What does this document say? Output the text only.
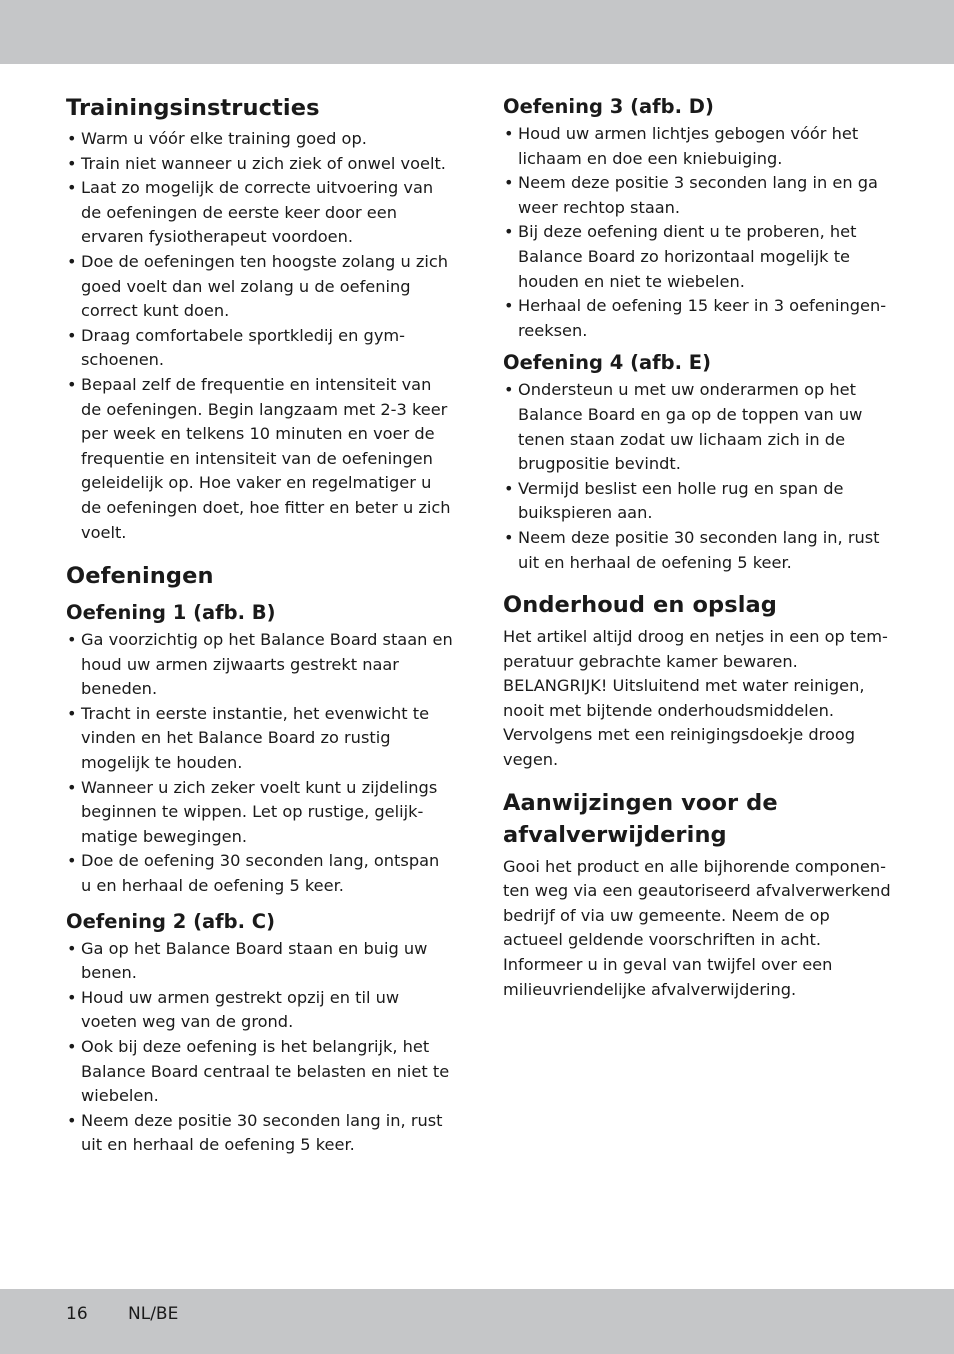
Trainingsinstructies
• Warm u vóór elke training goed op.
• Train niet wanneer u zich ziek of onwel voelt.
• Laat zo mogelijk de correcte uitvoering van de oefeningen de eerste keer door een ervaren fysiotherapeut voordoen.
• Doe de oefeningen ten hoogste zolang u zich goed voelt dan wel zolang u de oefening correct kunt doen.
• Draag comfortabele sportkledij en gymschoenen.
• Bepaal zelf de frequentie en intensiteit van de oefeningen. Begin langzaam met 2-3 keer per week en telkens 10 minuten en voer de frequentie en intensiteit van de oefeningen geleidelijk op. Hoe vaker en regelmatiger u de oefeningen doet, hoe fitter en beter u zich voelt.
Oefeningen
Oefening 1 (afb. B)
• Ga voorzichtig op het Balance Board staan en houd uw armen zijwaarts gestrekt naar beneden.
• Tracht in eerste instantie, het evenwicht te vinden en het Balance Board zo rustig mogelijk te houden.
• Wanneer u zich zeker voelt kunt u zijdelings beginnen te wippen. Let op rustige, gelijkmatige bewegingen.
• Doe de oefening 30 seconden lang, ontspan u en herhaal de oefening 5 keer.
Oefening 2 (afb. C)
• Ga op het Balance Board staan en buig uw benen.
• Houd uw armen gestrekt opzij en til uw voeten weg van de grond.
• Ook bij deze oefening is het belangrijk, het Balance Board centraal te belasten en niet te wiebelen.
• Neem deze positie 30 seconden lang in, rust uit en herhaal de oefening 5 keer.
Oefening 3 (afb. D)
• Houd uw armen lichtjes gebogen vóór het lichaam en doe een kniebuiging.
• Neem deze positie 3 seconden lang in en ga weer rechtop staan.
• Bij deze oefening dient u te proberen, het Balance Board zo horizontaal mogelijk te houden en niet te wiebelen.
• Herhaal de oefening 15 keer in 3 oefeningenreeksen.
Oefening 4 (afb. E)
• Ondersteun u met uw onderarmen op het Balance Board en ga op de toppen van uw tenen staan zodat uw lichaam zich in de brugpositie bevindt.
• Vermijd beslist een holle rug en span de buikspieren aan.
• Neem deze positie 30 seconden lang in, rust uit en herhaal de oefening 5 keer.
Onderhoud en opslag

Het artikel altijd droog en netjes in een op temperatuur gebrachte kamer bewaren. BELANGRIJK! Uitsluitend met water reinigen, nooit met bijtende onderhoudsmiddelen. Vervolgens met een reinigingsdoekje droog vegen.

Aanwijzingen voor de afvalverwijdering

Gooi het product en alle bijhorende componenten weg via een geautoriseerd afvalverwerkend bedrijf of via uw gemeente. Neem de op actueel geldende voorschriften in acht. Informeer u in geval van twijfel over een milieuvriendelijke afvalverwijdering.

16 NL/BE
